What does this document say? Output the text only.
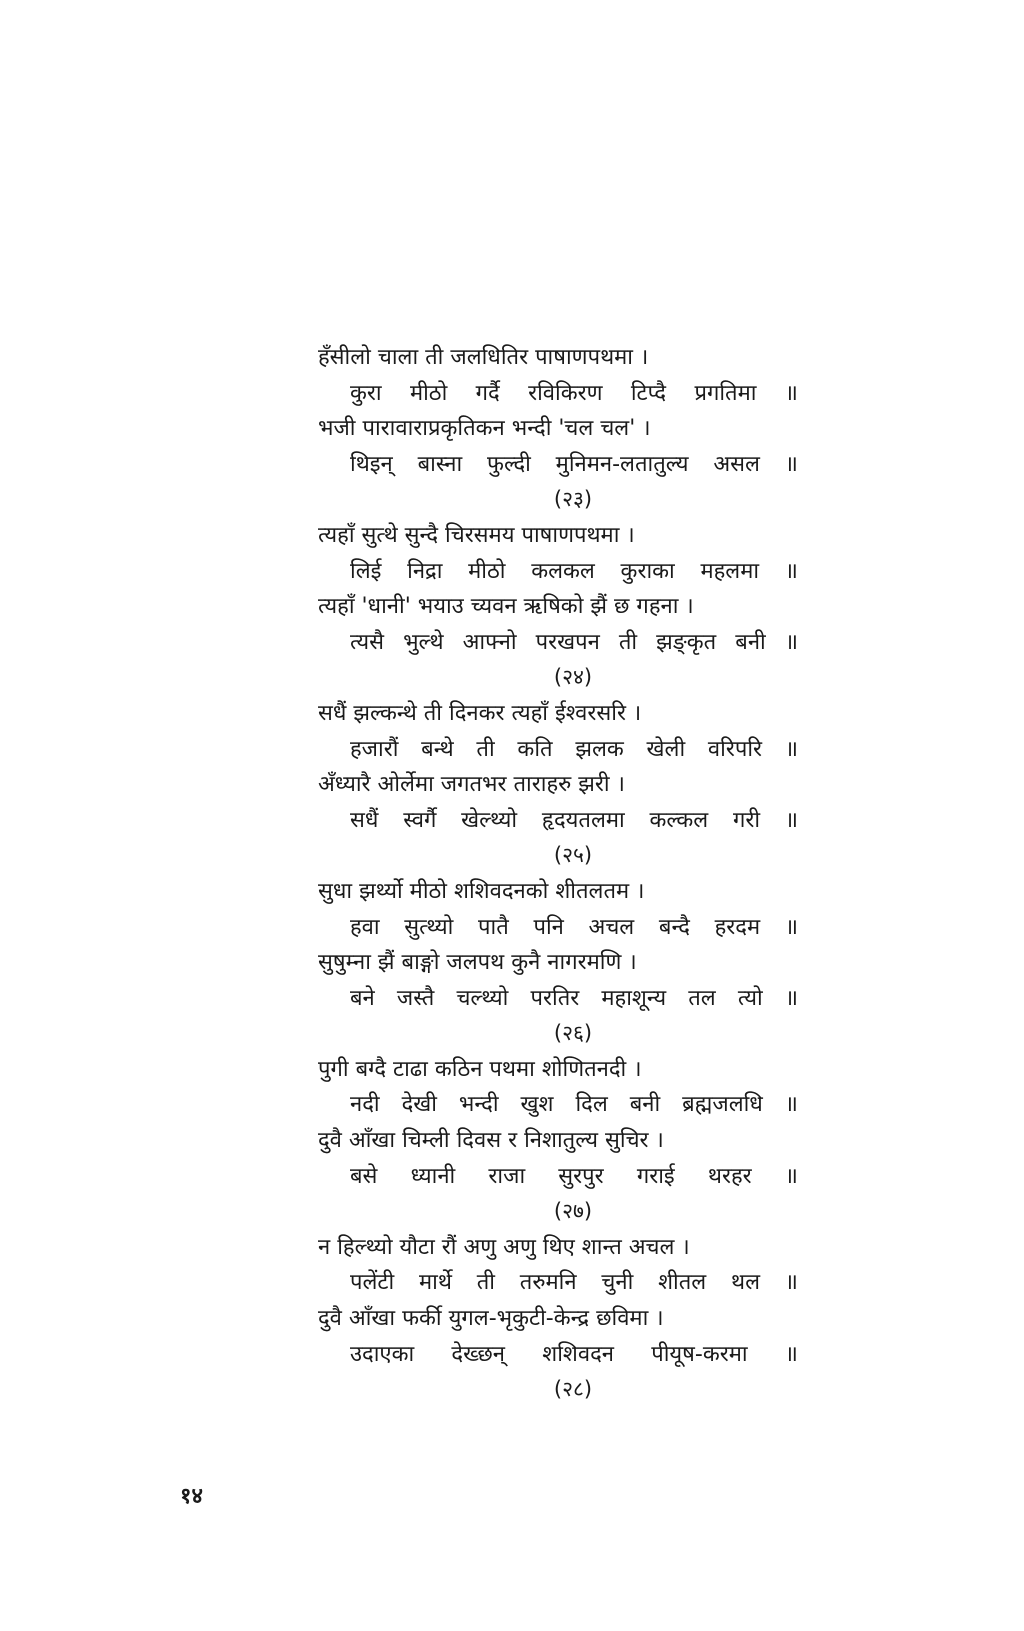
हँसीलो चाला ती जलधितिर पाषाणपथमा ।
कुरा मीठो गर्दै रविकिरण टिप्दै प्रगतिमा ॥
भजी पारावाराप्रकृतिकन भन्दी 'चल चल' ।
थिइन् बास्ना फुल्दी मुनिमन-लतातुल्य असल ॥
(२३)
त्यहाँ सुत्थे सुन्दै चिरसमय पाषाणपथमा ।
लिई निद्रा मीठो कलकल कुराका महलमा ॥
त्यहाँ 'धानी' भयाउ च्यवन ऋषिको झैं छ गहना ।
त्यसै भुल्थे आफ्नो परखपन ती झङ्कृत बनी ॥
(२४)
सधैं झल्कन्थे ती दिनकर त्यहाँ ईश्वरसरि ।
हजारौं बन्थे ती कति झलक खेली वरिपरि ॥
अँध्यारै ओर्लेमा जगतभर ताराहरु झरी ।
सधैं स्वर्गै खेल्थ्यो हृदयतलमा कल्कल गरी ॥
(२५)
सुधा झर्थ्यो मीठो शशिवदनको शीतलतम ।
हवा सुत्थ्यो पातै पनि अचल बन्दै हरदम ॥
सुषुम्ना झैं बाङ्गो जलपथ कुनै नागरमणि ।
बने जस्तै चल्थ्यो परतिर महाशून्य तल त्यो ॥
(२६)
पुगी बग्दै टाढा कठिन पथमा शोणितनदी ।
नदी देखी भन्दी खुश दिल बनी ब्रह्मजलधि ॥
दुवै आँखा चिम्ली दिवस र निशातुल्य सुचिर ।
बसे ध्यानी राजा सुरपुर गराई थरहर ॥
(२७)
न हिल्थ्यो यौटा रौं अणु अणु थिए शान्त अचल ।
पलेंटी मार्थे ती तरुमनि चुनी शीतल थल ॥
दुवै आँखा फर्की युगल-भृकुटी-केन्द्र छविमा ।
उदाएका देख्छन् शशिवदन पीयूष-करमा ॥
(२८)
१४
